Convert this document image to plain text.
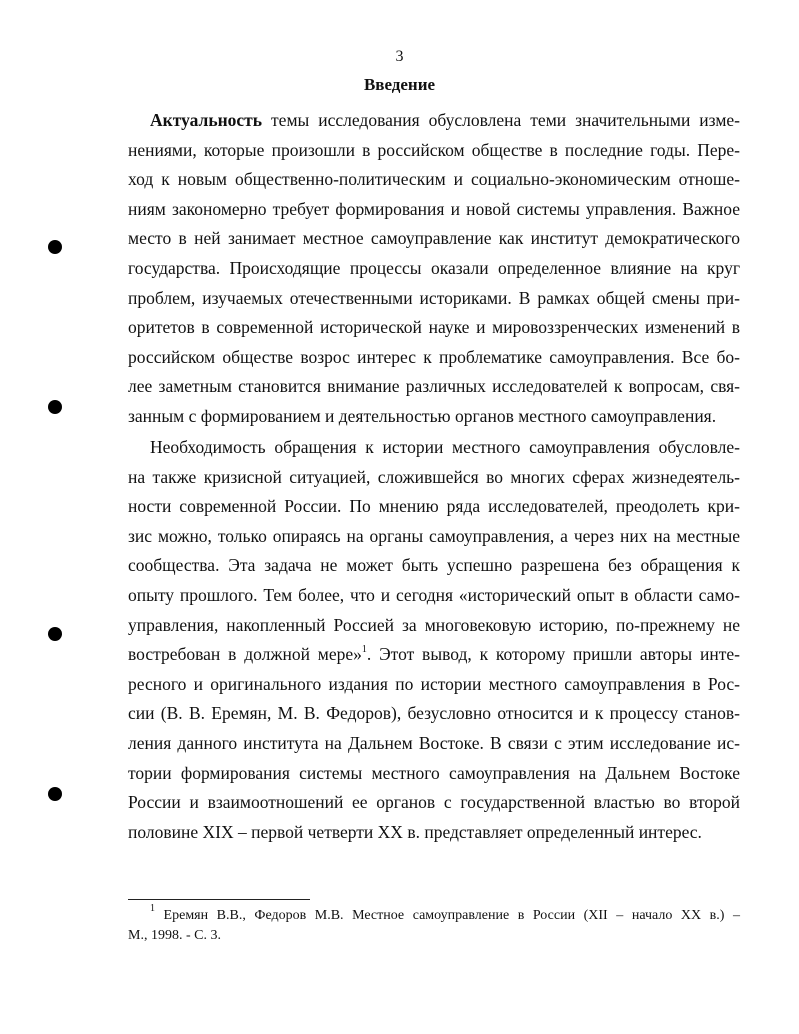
3
Введение
Актуальность темы исследования обусловлена теми значительными изме-
нениями, которые произошли в российском обществе в последние годы. Пере-
ход к новым общественно-политическим и социально-экономическим отноше-
ниям закономерно требует формирования и новой системы управления. Важное
место в ней занимает местное самоуправление как институт демократического
государства. Происходящие процессы оказали определенное влияние на круг
проблем, изучаемых отечественными историками. В рамках общей смены при-
оритетов в современной исторической науке и мировоззренческих изменений в
российском обществе возрос интерес к проблематике самоуправления. Все бо-
лее заметным становится внимание различных исследователей к вопросам, свя-
занным с формированием и деятельностью органов местного самоуправления.
Необходимость обращения к истории местного самоуправления обусловле-
на также кризисной ситуацией, сложившейся во многих сферах жизнедеятель-
ности современной России. По мнению ряда исследователей, преодолеть кри-
зис можно, только опираясь на органы самоуправления, а через них на местные
сообщества. Эта задача не может быть успешно разрешена без обращения к
опыту прошлого. Тем более, что и сегодня «исторический опыт в области само-
управления, накопленный Россией за многовековую историю, по-прежнему не
востребован в должной мере»$^1$. Этот вывод, к которому пришли авторы инте-
ресного и оригинального издания по истории местного самоуправления в Рос-
сии (В. В. Еремян, М. В. Федоров), безусловно относится и к процессу станов-
ления данного института на Дальнем Востоке. В связи с этим исследование ис-
тории формирования системы местного самоуправления на Дальнем Востоке
России и взаимоотношений ее органов с государственной властью во второй
половине XIX – первой четверти XX в. представляет определенный интерес.
$^1$ Еремян В.В., Федоров М.В. Местное самоуправление в России (XII – начало XX в.) –
М., 1998. - С. 3.
